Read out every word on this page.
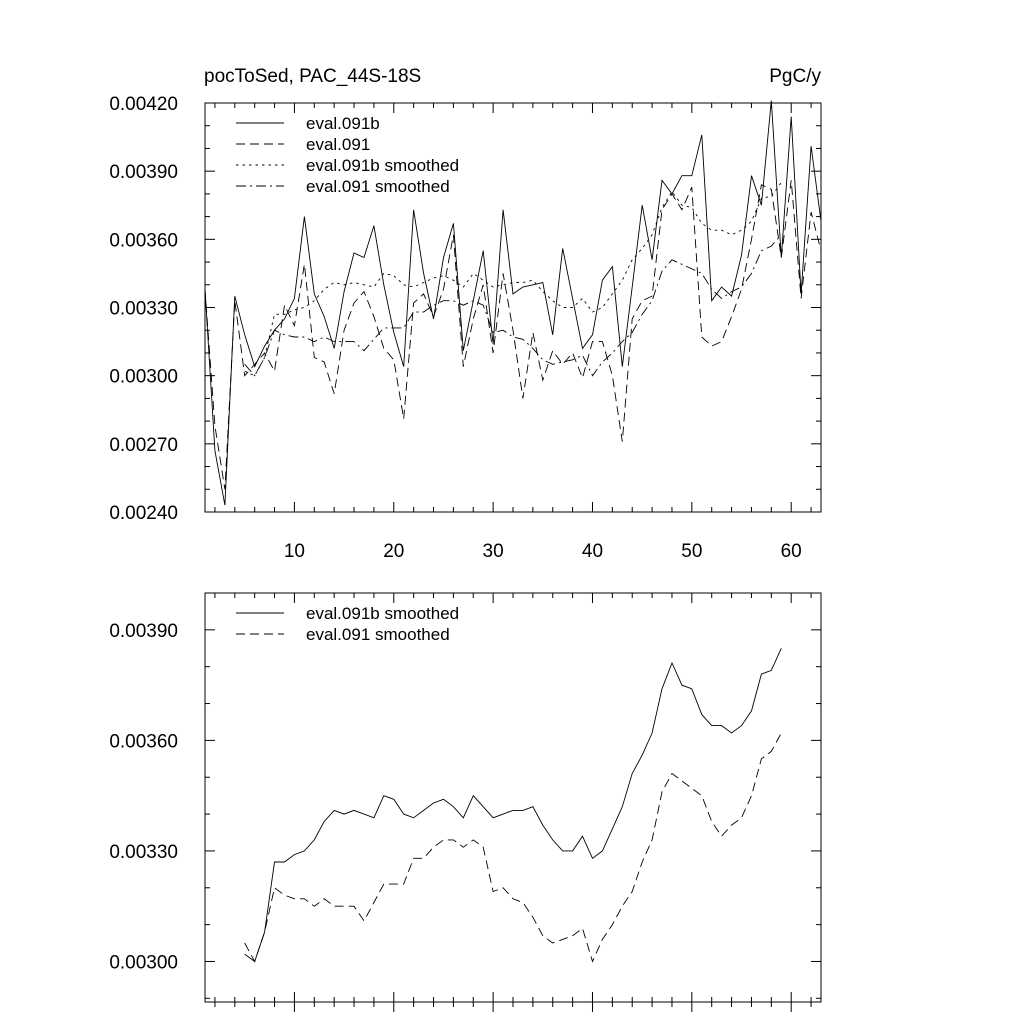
pocToSed, PAC_44S-18S	PgC/y
10	20	30	40	50	60
0.00240
0.00270
0.00300
0.00330
0.00360
0.00390
0.00420
eval.091b
eval.091
eval.091b smoothed
eval.091 smoothed
0.00300
0.00330
0.00360
0.00390
eval.091b smoothed
eval.091 smoothed
